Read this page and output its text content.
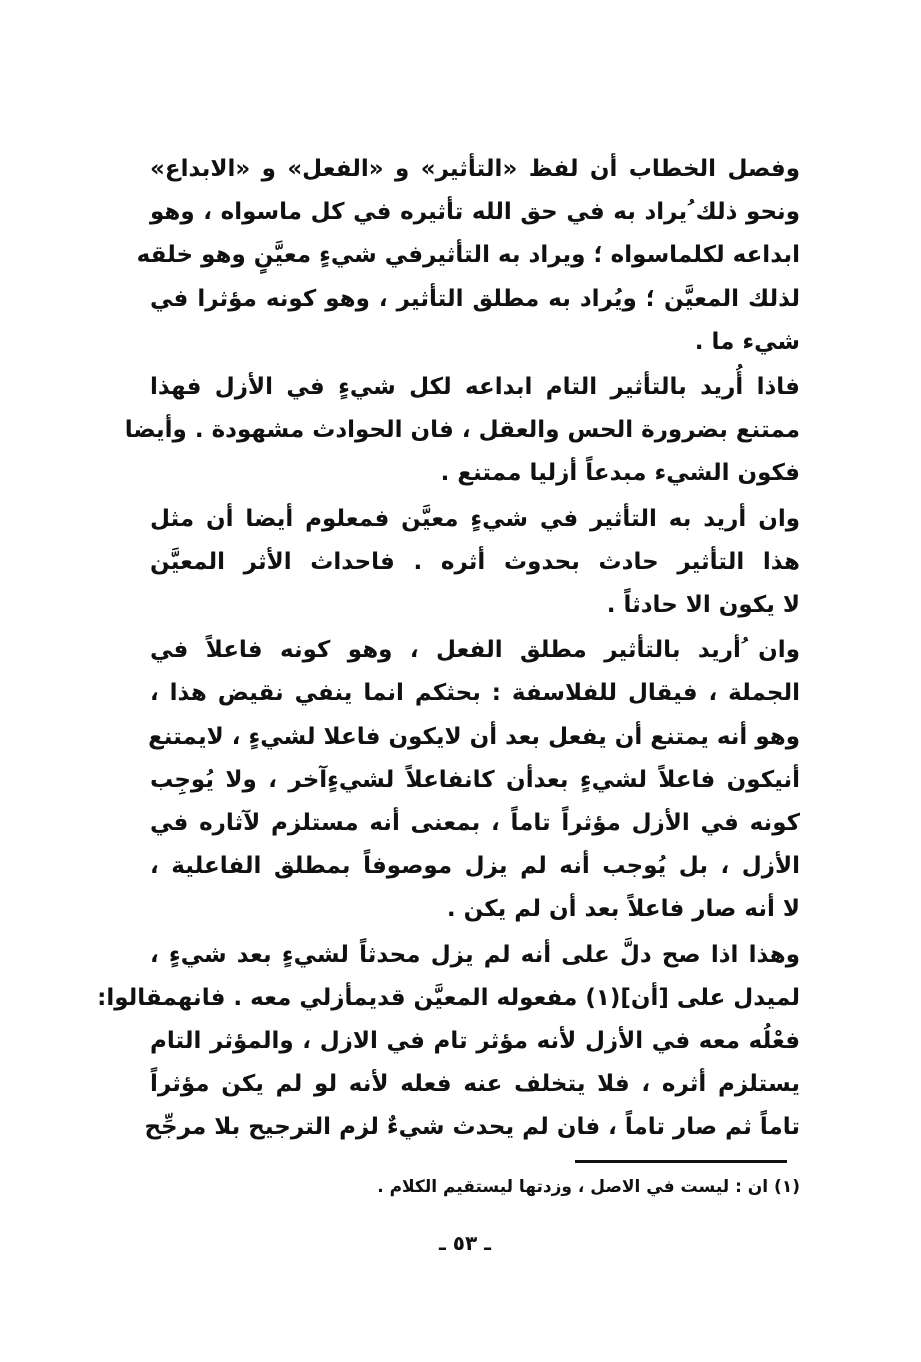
وفصل الخطاب أن لفظ «التأثير» و «الفعل» و «الابداع»
ونحو ذلك ُيراد به في حق الله تأثيره في كل ماسواه ، وهو
ابداعه لكلماسواه ؛ ويراد به التأثيرفي شيءٍ معيَّنٍ وهو خلقه
لذلك المعيَّن ؛ ويُراد به مطلق التأثير ، وهو كونه مؤثرا في
شيء ما .
فاذا أُريد بالتأثير التام ابداعه لكل شيءٍ في الأزل فهذا
ممتنع بضرورة الحس والعقل ، فان الحوادث مشهودة . وأيضا
فكون الشيء مبدعاً أزليا ممتنع .
وان أريد به التأثير في شيءٍ معيَّن فمعلوم أيضا أن مثل
هذا التأثير حادث بحدوث أثره . فاحداث الأثر المعيَّن
لا يكون الا حادثاً .
وان ُأريد بالتأثير مطلق الفعل ، وهو كونه فاعلاً في
الجملة ، فيقال للفلاسفة : بحثكم انما ينفي نقيض هذا ،
وهو أنه يمتنع أن يفعل بعد أن لايكون فاعلا لشيءٍ ، لايمتنع
أنيكون فاعلاً لشيءٍ بعدأن كانفاعلاً لشيءٍآخر ، ولا يُوجِب
كونه في الأزل مؤثراً تاماً ، بمعنى أنه مستلزم لآثاره في
الأزل ، بل يُوجب أنه لم يزل موصوفاً بمطلق الفاعلية ،
لا أنه صار فاعلاً بعد أن لم يكن .
وهذا اذا صح دلَّ على أنه لم يزل محدثاً لشيءٍ بعد شيءٍ ،
لميدل على [أن](١) مفعوله المعيَّن قديمأزلي معه . فانهمقالوا:
فعْلُه معه في الأزل لأنه مؤثر تام في الازل ، والمؤثر التام
يستلزم أثره ، فلا يتخلف عنه فعله لأنه لو لم يكن مؤثراً
تاماً ثم صار تاماً ، فان لم يحدث شيءٌ لزم الترجيح بلا مرجِّح
(١) ان : ليست في الاصل ، وزدتها ليستقيم الكلام .
ـ ٥٣ ـ
